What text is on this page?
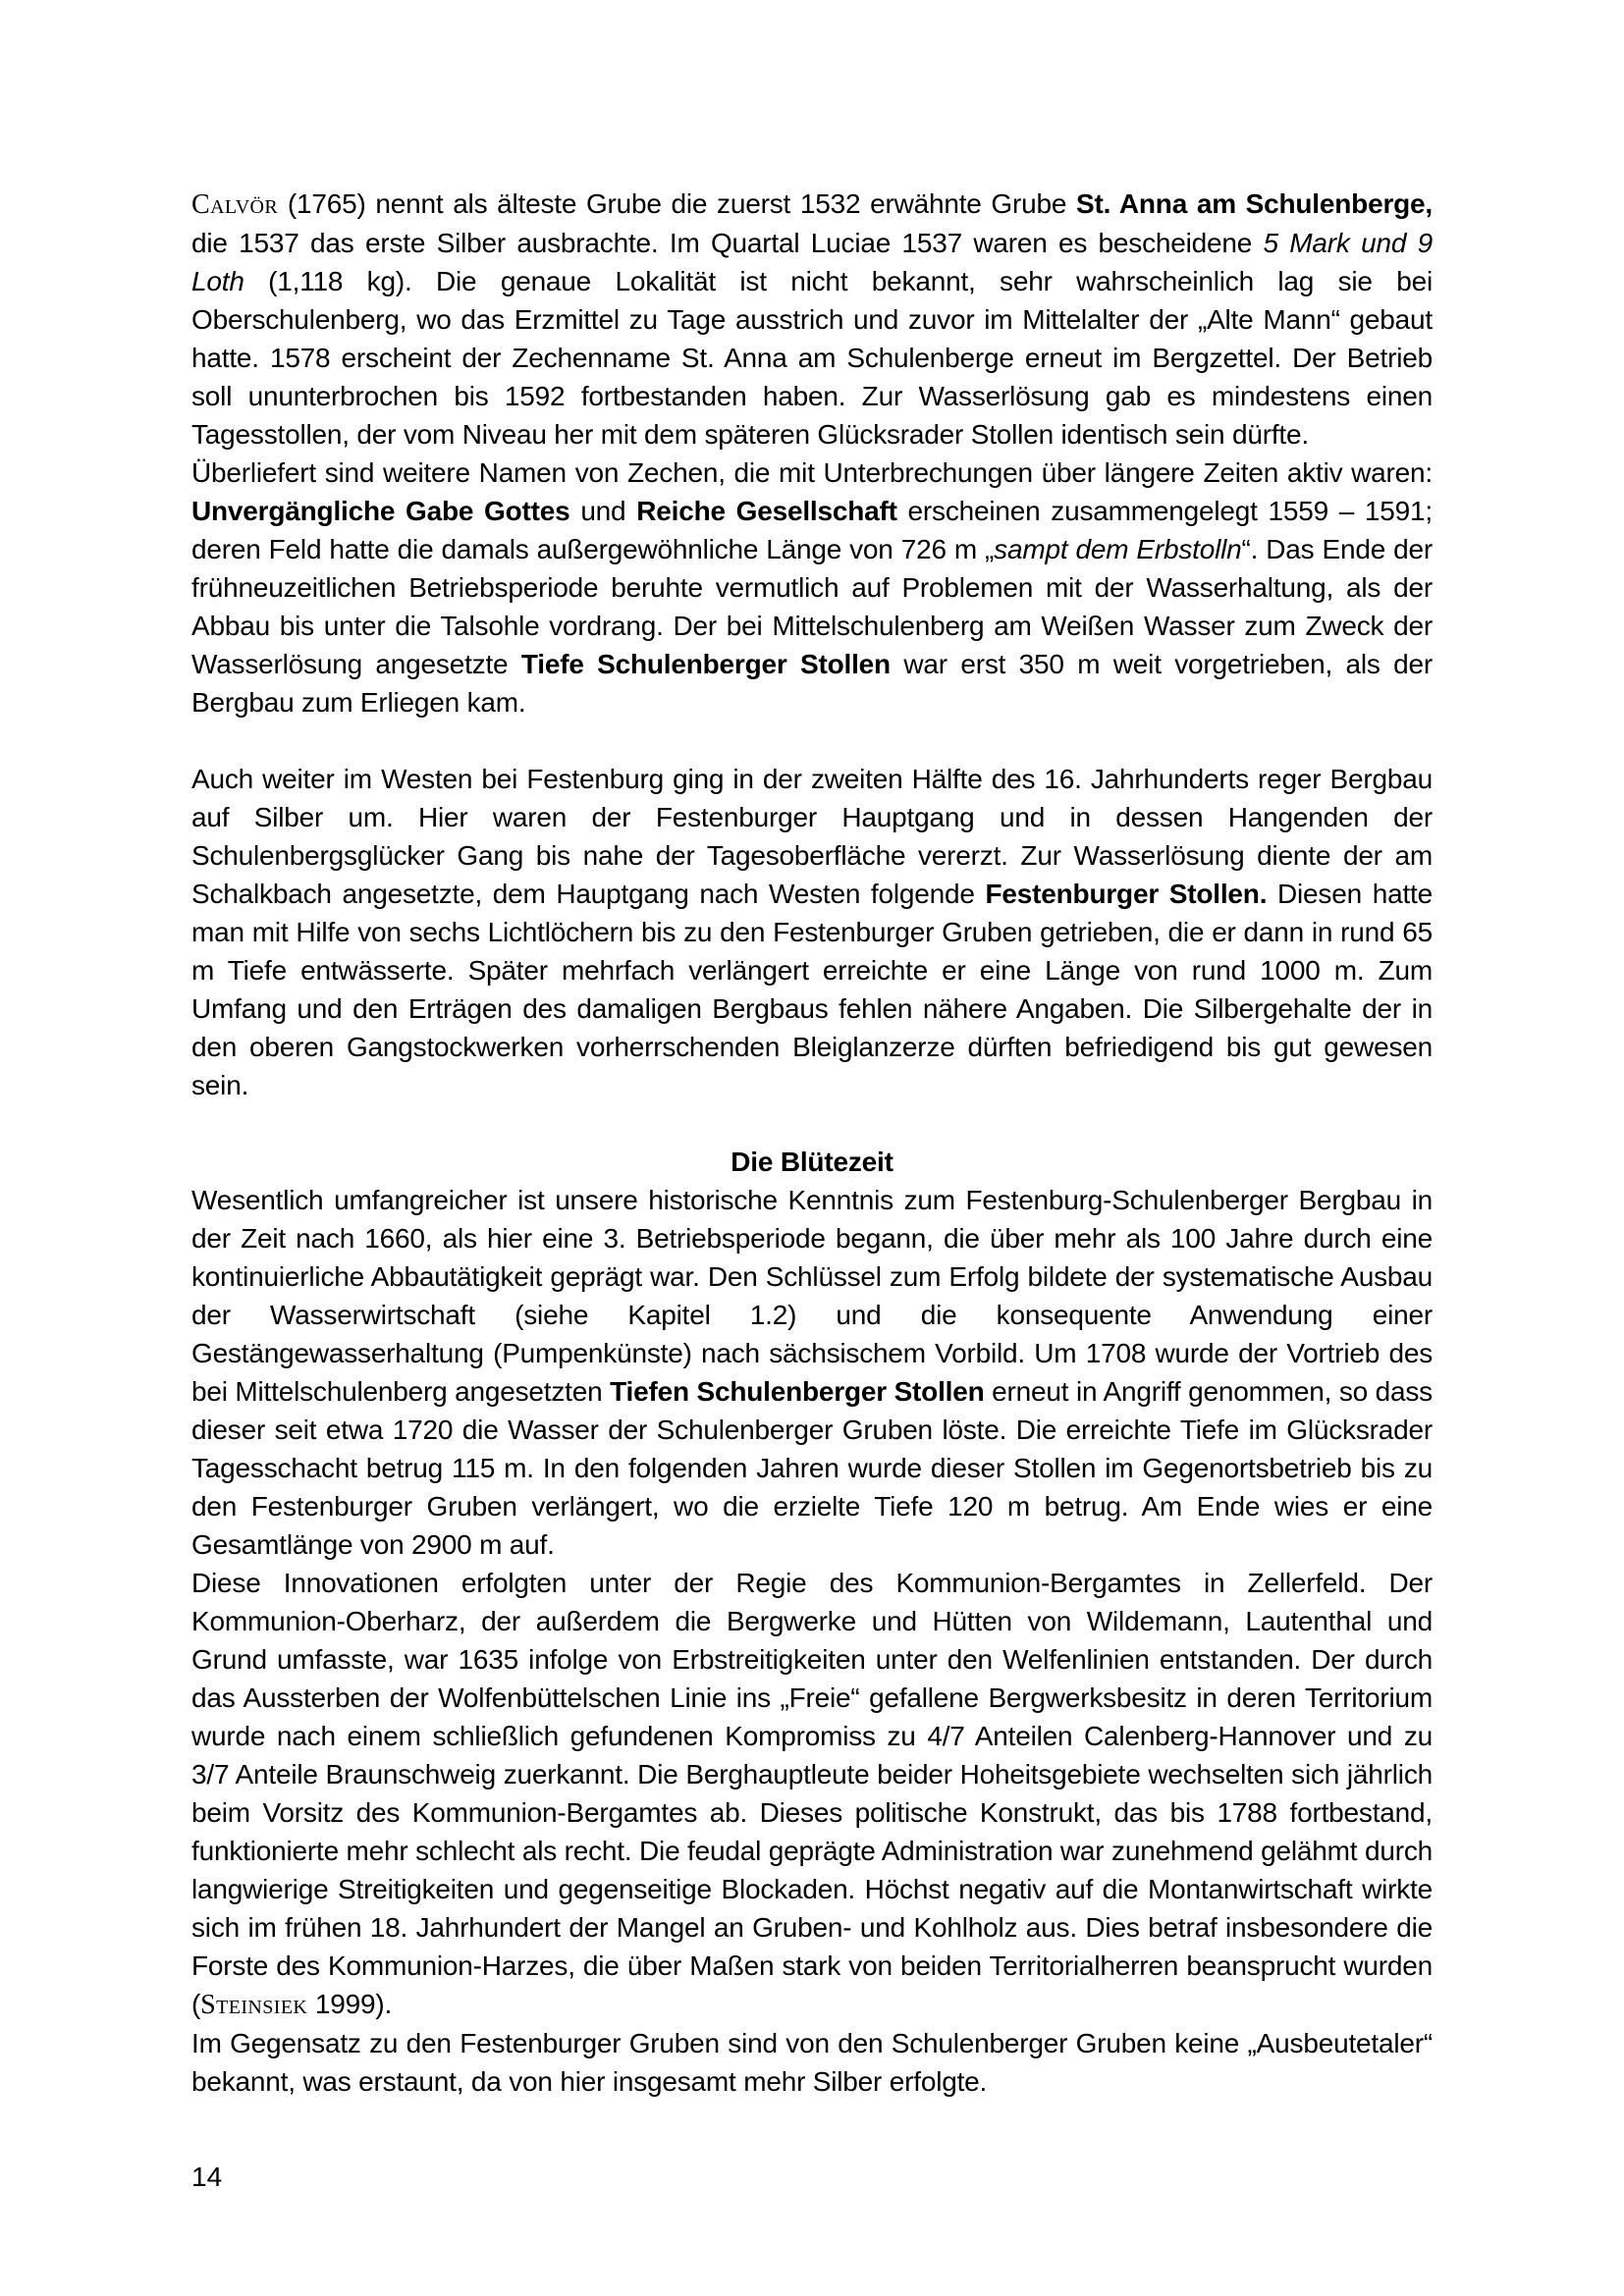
Calvör (1765) nennt als älteste Grube die zuerst 1532 erwähnte Grube St. Anna am Schulenberge, die 1537 das erste Silber ausbrachte. Im Quartal Luciae 1537 waren es bescheidene 5 Mark und 9 Loth (1,118 kg). Die genaue Lokalität ist nicht bekannt, sehr wahrscheinlich lag sie bei Oberschulenberg, wo das Erzmittel zu Tage ausstrich und zuvor im Mittelalter der „Alte Mann“ gebaut hatte. 1578 erscheint der Zechenname St. Anna am Schulenberge erneut im Bergzettel. Der Betrieb soll ununterbrochen bis 1592 fortbestanden haben. Zur Wasserlösung gab es mindestens einen Tagesstollen, der vom Niveau her mit dem späteren Glücksrader Stollen identisch sein dürfte.
Überliefert sind weitere Namen von Zechen, die mit Unterbrechungen über längere Zeiten aktiv waren: Unvergängliche Gabe Gottes und Reiche Gesellschaft erscheinen zusammengelegt 1559 – 1591; deren Feld hatte die damals außergewöhnliche Länge von 726 m „sampt dem Erbstolln“. Das Ende der frühneuzeitlichen Betriebsperiode beruhte vermutlich auf Problemen mit der Wasserhaltung, als der Abbau bis unter die Talsohle vordrang. Der bei Mittelschulenberg am Weißen Wasser zum Zweck der Wasserlösung angesetzte Tiefe Schulenberger Stollen war erst 350 m weit vorgetrieben, als der Bergbau zum Erliegen kam.
Auch weiter im Westen bei Festenburg ging in der zweiten Hälfte des 16. Jahrhunderts reger Bergbau auf Silber um. Hier waren der Festenburger Hauptgang und in dessen Hangenden der Schulenbergsglücker Gang bis nahe der Tagesoberfläche vererzt. Zur Wasserlösung diente der am Schalkbach angesetzte, dem Hauptgang nach Westen folgende Festenburger Stollen. Diesen hatte man mit Hilfe von sechs Lichtlöchern bis zu den Festenburger Gruben getrieben, die er dann in rund 65 m Tiefe entwässerte. Später mehrfach verlängert erreichte er eine Länge von rund 1000 m. Zum Umfang und den Erträgen des damaligen Bergbaus fehlen nähere Angaben. Die Silbergehalte der in den oberen Gangstockwerken vorherrschenden Bleiglanzerze dürften befriedigend bis gut gewesen sein.
Die Blütezeit
Wesentlich umfangreicher ist unsere historische Kenntnis zum Festenburg-Schulenberger Bergbau in der Zeit nach 1660, als hier eine 3. Betriebsperiode begann, die über mehr als 100 Jahre durch eine kontinuierliche Abbautätigkeit geprägt war. Den Schlüssel zum Erfolg bildete der systematische Ausbau der Wasserwirtschaft (siehe Kapitel 1.2) und die konsequente Anwendung einer Gestängewasserhaltung (Pumpenkünste) nach sächsischem Vorbild. Um 1708 wurde der Vortrieb des bei Mittelschulenberg angesetzten Tiefen Schulenberger Stollen erneut in Angriff genommen, so dass dieser seit etwa 1720 die Wasser der Schulenberger Gruben löste. Die erreichte Tiefe im Glücksrader Tagesschacht betrug 115 m. In den folgenden Jahren wurde dieser Stollen im Gegenortsbetrieb bis zu den Festenburger Gruben verlängert, wo die erzielte Tiefe 120 m betrug. Am Ende wies er eine Gesamtlänge von 2900 m auf.
Diese Innovationen erfolgten unter der Regie des Kommunion-Bergamtes in Zellerfeld. Der Kommunion-Oberharz, der außerdem die Bergwerke und Hütten von Wildemann, Lautenthal und Grund umfasste, war 1635 infolge von Erbstreitigkeiten unter den Welfenlinien entstanden. Der durch das Aussterben der Wolfenbüttelschen Linie ins „Freie“ gefallene Bergwerksbesitz in deren Territorium wurde nach einem schließlich gefundenen Kompromiss zu 4/7 Anteilen Calenberg-Hannover und zu 3/7 Anteile Braunschweig zuerkannt. Die Berghauptleute beider Hoheitsgebiete wechselten sich jährlich beim Vorsitz des Kommunion-Bergamtes ab. Dieses politische Konstrukt, das bis 1788 fortbestand, funktionierte mehr schlecht als recht. Die feudal geprägte Administration war zunehmend gelähmt durch langwierige Streitigkeiten und gegenseitige Blockaden. Höchst negativ auf die Montanwirtschaft wirkte sich im frühen 18. Jahrhundert der Mangel an Gruben- und Kohlholz aus. Dies betraf insbesondere die Forste des Kommunion-Harzes, die über Maßen stark von beiden Territorialherren beansprucht wurden (Steinsiek 1999).
Im Gegensatz zu den Festenburger Gruben sind von den Schulenberger Gruben keine „Ausbeutetaler“ bekannt, was erstaunt, da von hier insgesamt mehr Silber erfolgte.
14
